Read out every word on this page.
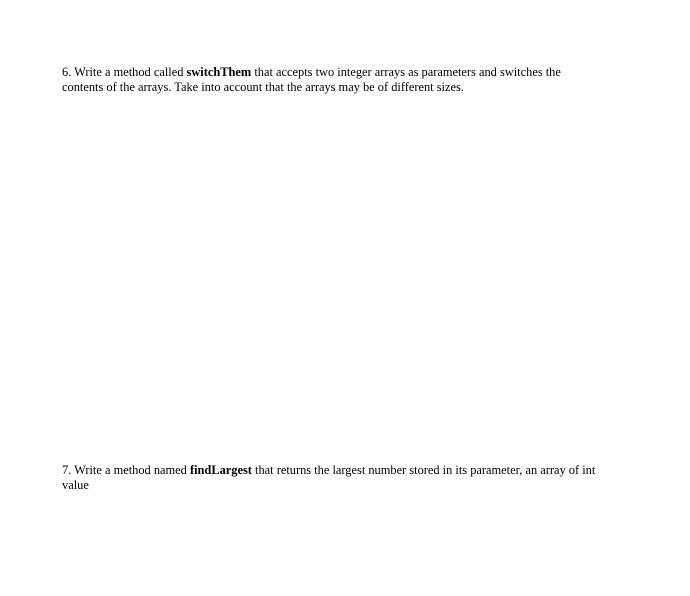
6. Write a method called switchThem that accepts two integer arrays as parameters and switches the
contents of the arrays. Take into account that the arrays may be of different sizes.
7. Write a method named findLargest that returns the largest number stored in its parameter, an array of int
value
